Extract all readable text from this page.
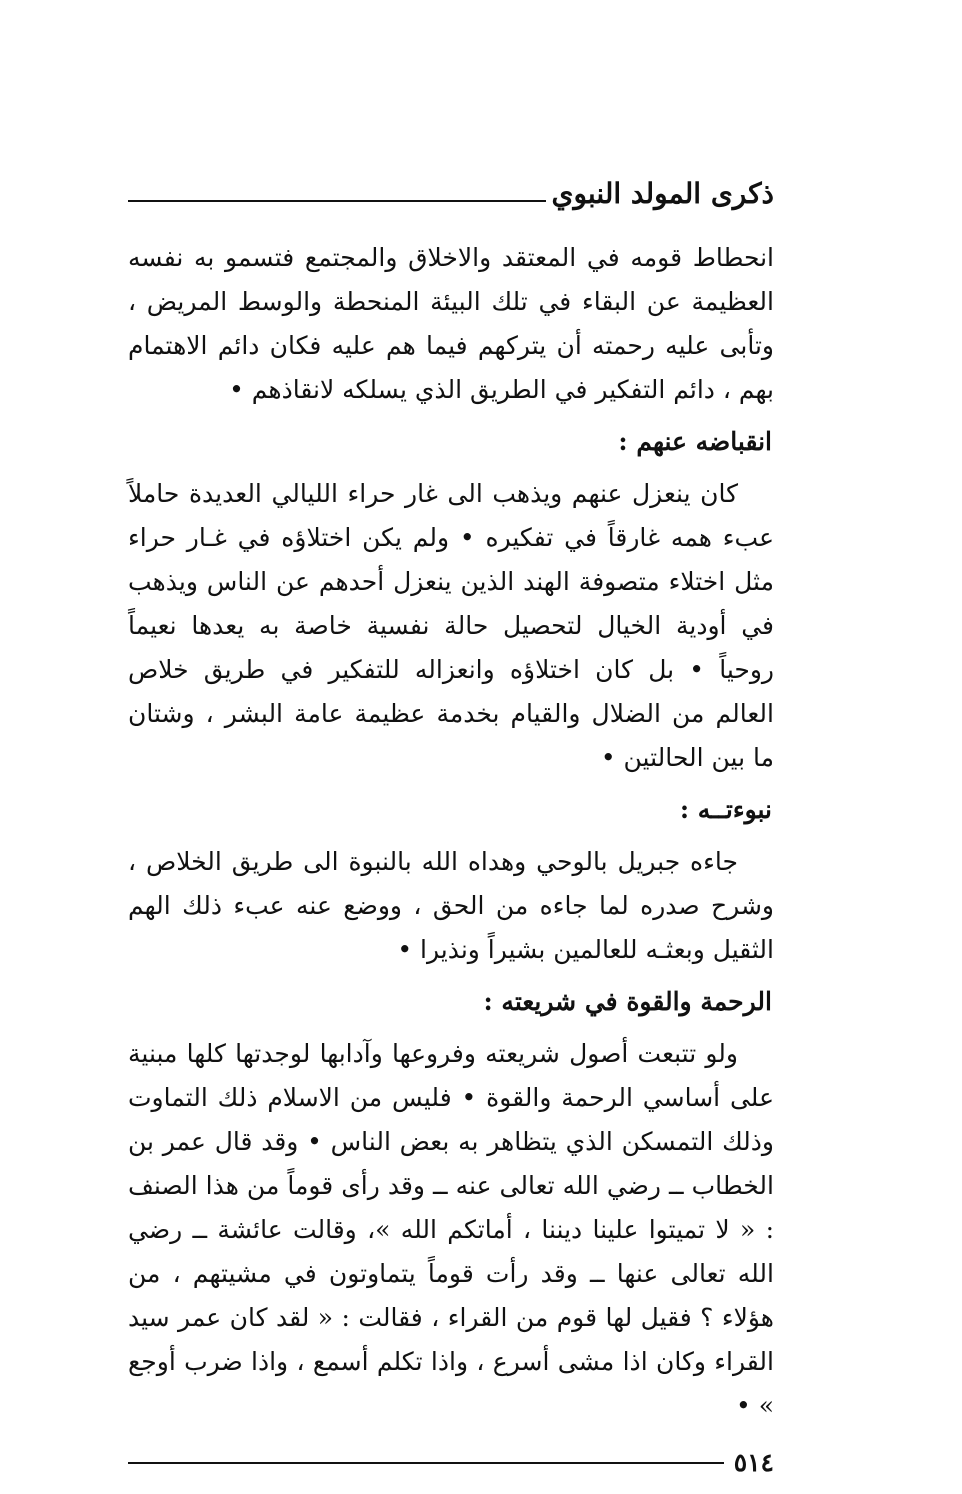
ذكرى المولد النبوي

انحطاط قومه في المعتقد والاخلاق والمجتمع فتسمو به نفسه العظيمة عن البقاء في تلك البيئة المنحطة والوسط المريض ، وتأبى عليه رحمته أن يتركهم فيما هم عليه فكان دائم الاهتمام بهم ، دائم التفكير في الطريق الذي يسلكه لانقاذهم •

انقباضه عنهم :

كان ينعزل عنهم ويذهب الى غار حراء الليالي العديدة حاملاً عبء همه غارقاً في تفكيره • ولم يكن اختلاؤه في غـار حراء مثل اختلاء متصوفة الهند الذين ينعزل أحدهم عن الناس ويذهب في أودية الخيال لتحصيل حالة نفسية خاصة به يعدها نعيماً روحياً • بل كان اختلاؤه وانعزاله للتفكير في طريق خلاص العالم من الضلال والقيام بخدمة عظيمة عامة البشر ، وشتان ما بين الحالتين •

نبوءتــه :

جاءه جبريل بالوحي وهداه الله بالنبوة الى طريق الخلاص ، وشرح صدره لما جاءه من الحق ، ووضع عنه عبء ذلك الهم الثقيل وبعثـه للعالمين بشيراً ونذيرا •

الرحمة والقوة في شريعته :

ولو تتبعت أصول شريعته وفروعها وآدابها لوجدتها كلها مبنية على أساسي الرحمة والقوة • فليس من الاسلام ذلك التماوت وذلك التمسكن الذي يتظاهر به بعض الناس • وقد قال عمر بن الخطاب ــ رضي الله تعالى عنه ــ وقد رأى قوماً من هذا الصنف : « لا تميتوا علينا ديننا ، أماتكم الله »، وقالت عائشة ــ رضي الله تعالى عنها ــ وقد رأت قوماً يتماوتون في مشيتهم ، من هؤلاء ؟ فقيل لها قوم من القراء ، فقالت : « لقد كان عمر سيد القراء وكان اذا مشى أسرع ، واذا تكلم أسمع ، واذا ضرب أوجع » •

٥١٤
